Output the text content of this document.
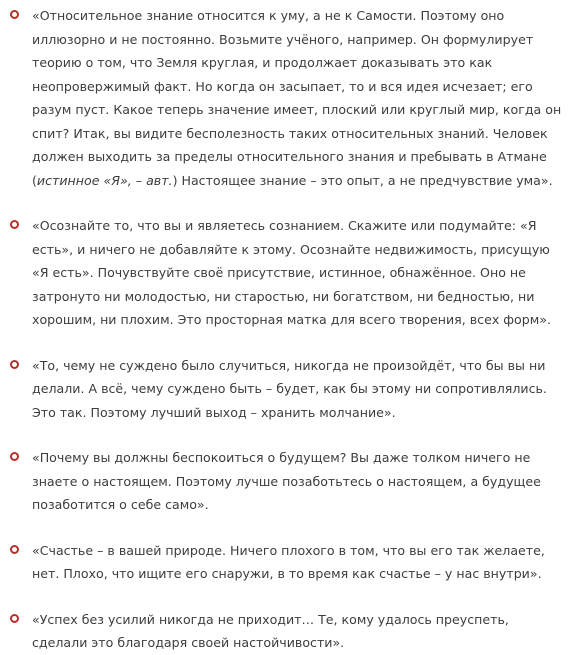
«Относительное знание относится к уму, а не к Самости. Поэтому оно иллюзорно и не постоянно. Возьмите учёного, например. Он формулирует теорию о том, что Земля круглая, и продолжает доказывать это как неопровержимый факт. Но когда он засыпает, то и вся идея исчезает; его разум пуст. Какое теперь значение имеет, плоский или круглый мир, когда он спит? Итак, вы видите бесполезность таких относительных знаний. Человек должен выходить за пределы относительного знания и пребывать в Атмане (истинное «Я», – авт.) Настоящее знание – это опыт, а не предчувствие ума».
«Осознайте то, что вы и являетесь сознанием. Скажите или подумайте: «Я есть», и ничего не добавляйте к этому. Осознайте недвижимость, присущую «Я есть». Почувствуйте своё присутствие, истинное, обнажённое. Оно не затронуто ни молодостью, ни старостью, ни богатством, ни бедностью, ни хорошим, ни плохим. Это просторная матка для всего творения, всех форм».
«То, чему не суждено было случиться, никогда не произойдёт, что бы вы ни делали. А всё, чему суждено быть – будет, как бы этому ни сопротивлялись. Это так. Поэтому лучший выход – хранить молчание».
«Почему вы должны беспокоиться о будущем? Вы даже толком ничего не знаете о настоящем. Поэтому лучше позаботьтесь о настоящем, а будущее позаботится о себе само».
«Счастье – в вашей природе. Ничего плохого в том, что вы его так желаете, нет. Плохо, что ищите его снаружи, в то время как счастье – у нас внутри».
«Успех без усилий никогда не приходит… Те, кому удалось преуспеть, сделали это благодаря своей настойчивости».
